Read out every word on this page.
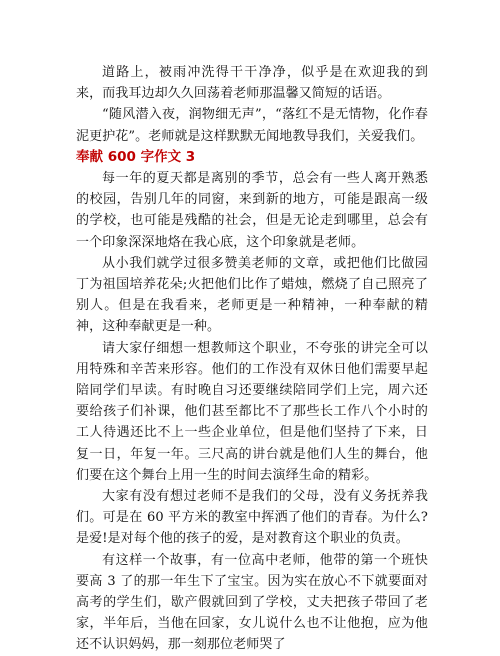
道路上，被雨冲洗得干干净净，似乎是在欢迎我的到来，而我耳边却久久回荡着老师那温馨又简短的话语。

“随风潜入夜，润物细无声”，“落红不是无情物，化作春泥更护花”。老师就是这样默默无闻地教导我们，关爱我们。

奉献 600 字作文 3

每一年的夏天都是离别的季节，总会有一些人离开熟悉的校园，告别几年的同窗，来到新的地方，可能是跟高一级的学校，也可能是残酷的社会，但是无论走到哪里，总会有一个印象深深地烙在我心底，这个印象就是老师。

从小我们就学过很多赞美老师的文章，或把他们比做园丁为祖国培养花朵;火把他们比作了蜡烛，燃烧了自己照亮了别人。但是在我看来，老师更是一种精神，一种奉献的精神，这种奉献更是一种。

请大家仔细想一想教师这个职业，不夸张的讲完全可以用特殊和辛苦来形容。他们的工作没有双休日他们需要早起陪同学们早读。有时晚自习还要继续陪同学们上完，周六还要给孩子们补课，他们甚至都比不了那些长工作八个小时的工人待遇还比不上一些企业单位，但是他们坚持了下来，日复一日，年复一年。三尺高的讲台就是他们人生的舞台，他们要在这个舞台上用一生的时间去演绎生命的精彩。

大家有没有想过老师不是我们的父母，没有义务抚养我们。可是在 60 平方米的教室中挥洒了他们的青春。为什么?是爱!是对每个他的孩子的爱，是对教育这个职业的负责。

有这样一个故事，有一位高中老师，他带的第一个班快要高 3 了的那一年生下了宝宝。因为实在放心不下就要面对高考的学生们，歇产假就回到了学校，丈夫把孩子带回了老家，半年后，当他在回家，女儿说什么也不让他抱，应为他还不认识妈妈，那一刻那位老师哭了
